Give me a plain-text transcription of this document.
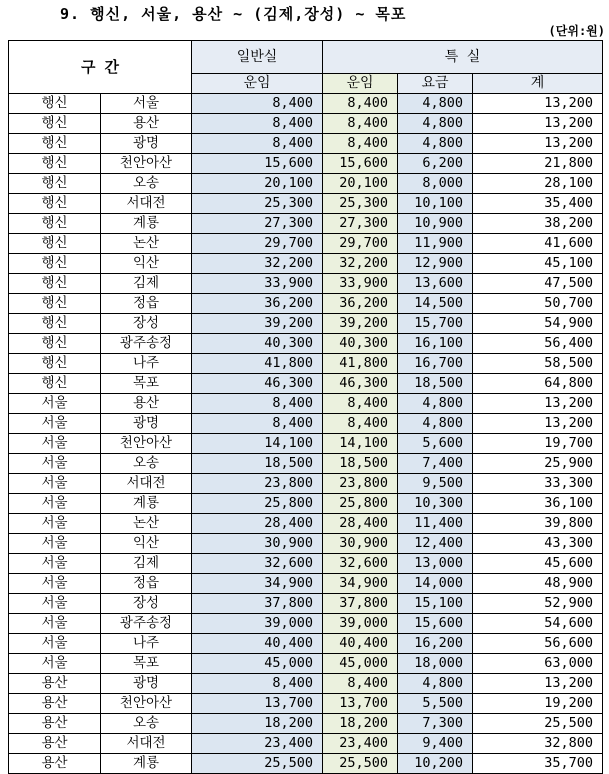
9. 행신, 서울, 용산 ~ (김제,장성) ~ 목포
(단위:원)
구 간		일반실	특 실		
		운임	운임	요금	계
행신	서울	8,400	8,400	4,800	13,200
행신	용산	8,400	8,400	4,800	13,200
행신	광명	8,400	8,400	4,800	13,200
행신	천안아산	15,600	15,600	6,200	21,800
행신	오송	20,100	20,100	8,000	28,100
행신	서대전	25,300	25,300	10,100	35,400
행신	계룡	27,300	27,300	10,900	38,200
행신	논산	29,700	29,700	11,900	41,600
행신	익산	32,200	32,200	12,900	45,100
행신	김제	33,900	33,900	13,600	47,500
행신	정읍	36,200	36,200	14,500	50,700
행신	장성	39,200	39,200	15,700	54,900
행신	광주송정	40,300	40,300	16,100	56,400
행신	나주	41,800	41,800	16,700	58,500
행신	목포	46,300	46,300	18,500	64,800
서울	용산	8,400	8,400	4,800	13,200
서울	광명	8,400	8,400	4,800	13,200
서울	천안아산	14,100	14,100	5,600	19,700
서울	오송	18,500	18,500	7,400	25,900
서울	서대전	23,800	23,800	9,500	33,300
서울	계룡	25,800	25,800	10,300	36,100
서울	논산	28,400	28,400	11,400	39,800
서울	익산	30,900	30,900	12,400	43,300
서울	김제	32,600	32,600	13,000	45,600
서울	정읍	34,900	34,900	14,000	48,900
서울	장성	37,800	37,800	15,100	52,900
서울	광주송정	39,000	39,000	15,600	54,600
서울	나주	40,400	40,400	16,200	56,600
서울	목포	45,000	45,000	18,000	63,000
용산	광명	8,400	8,400	4,800	13,200
용산	천안아산	13,700	13,700	5,500	19,200
용산	오송	18,200	18,200	7,300	25,500
용산	서대전	23,400	23,400	9,400	32,800
용산	계룡	25,500	25,500	10,200	35,700
